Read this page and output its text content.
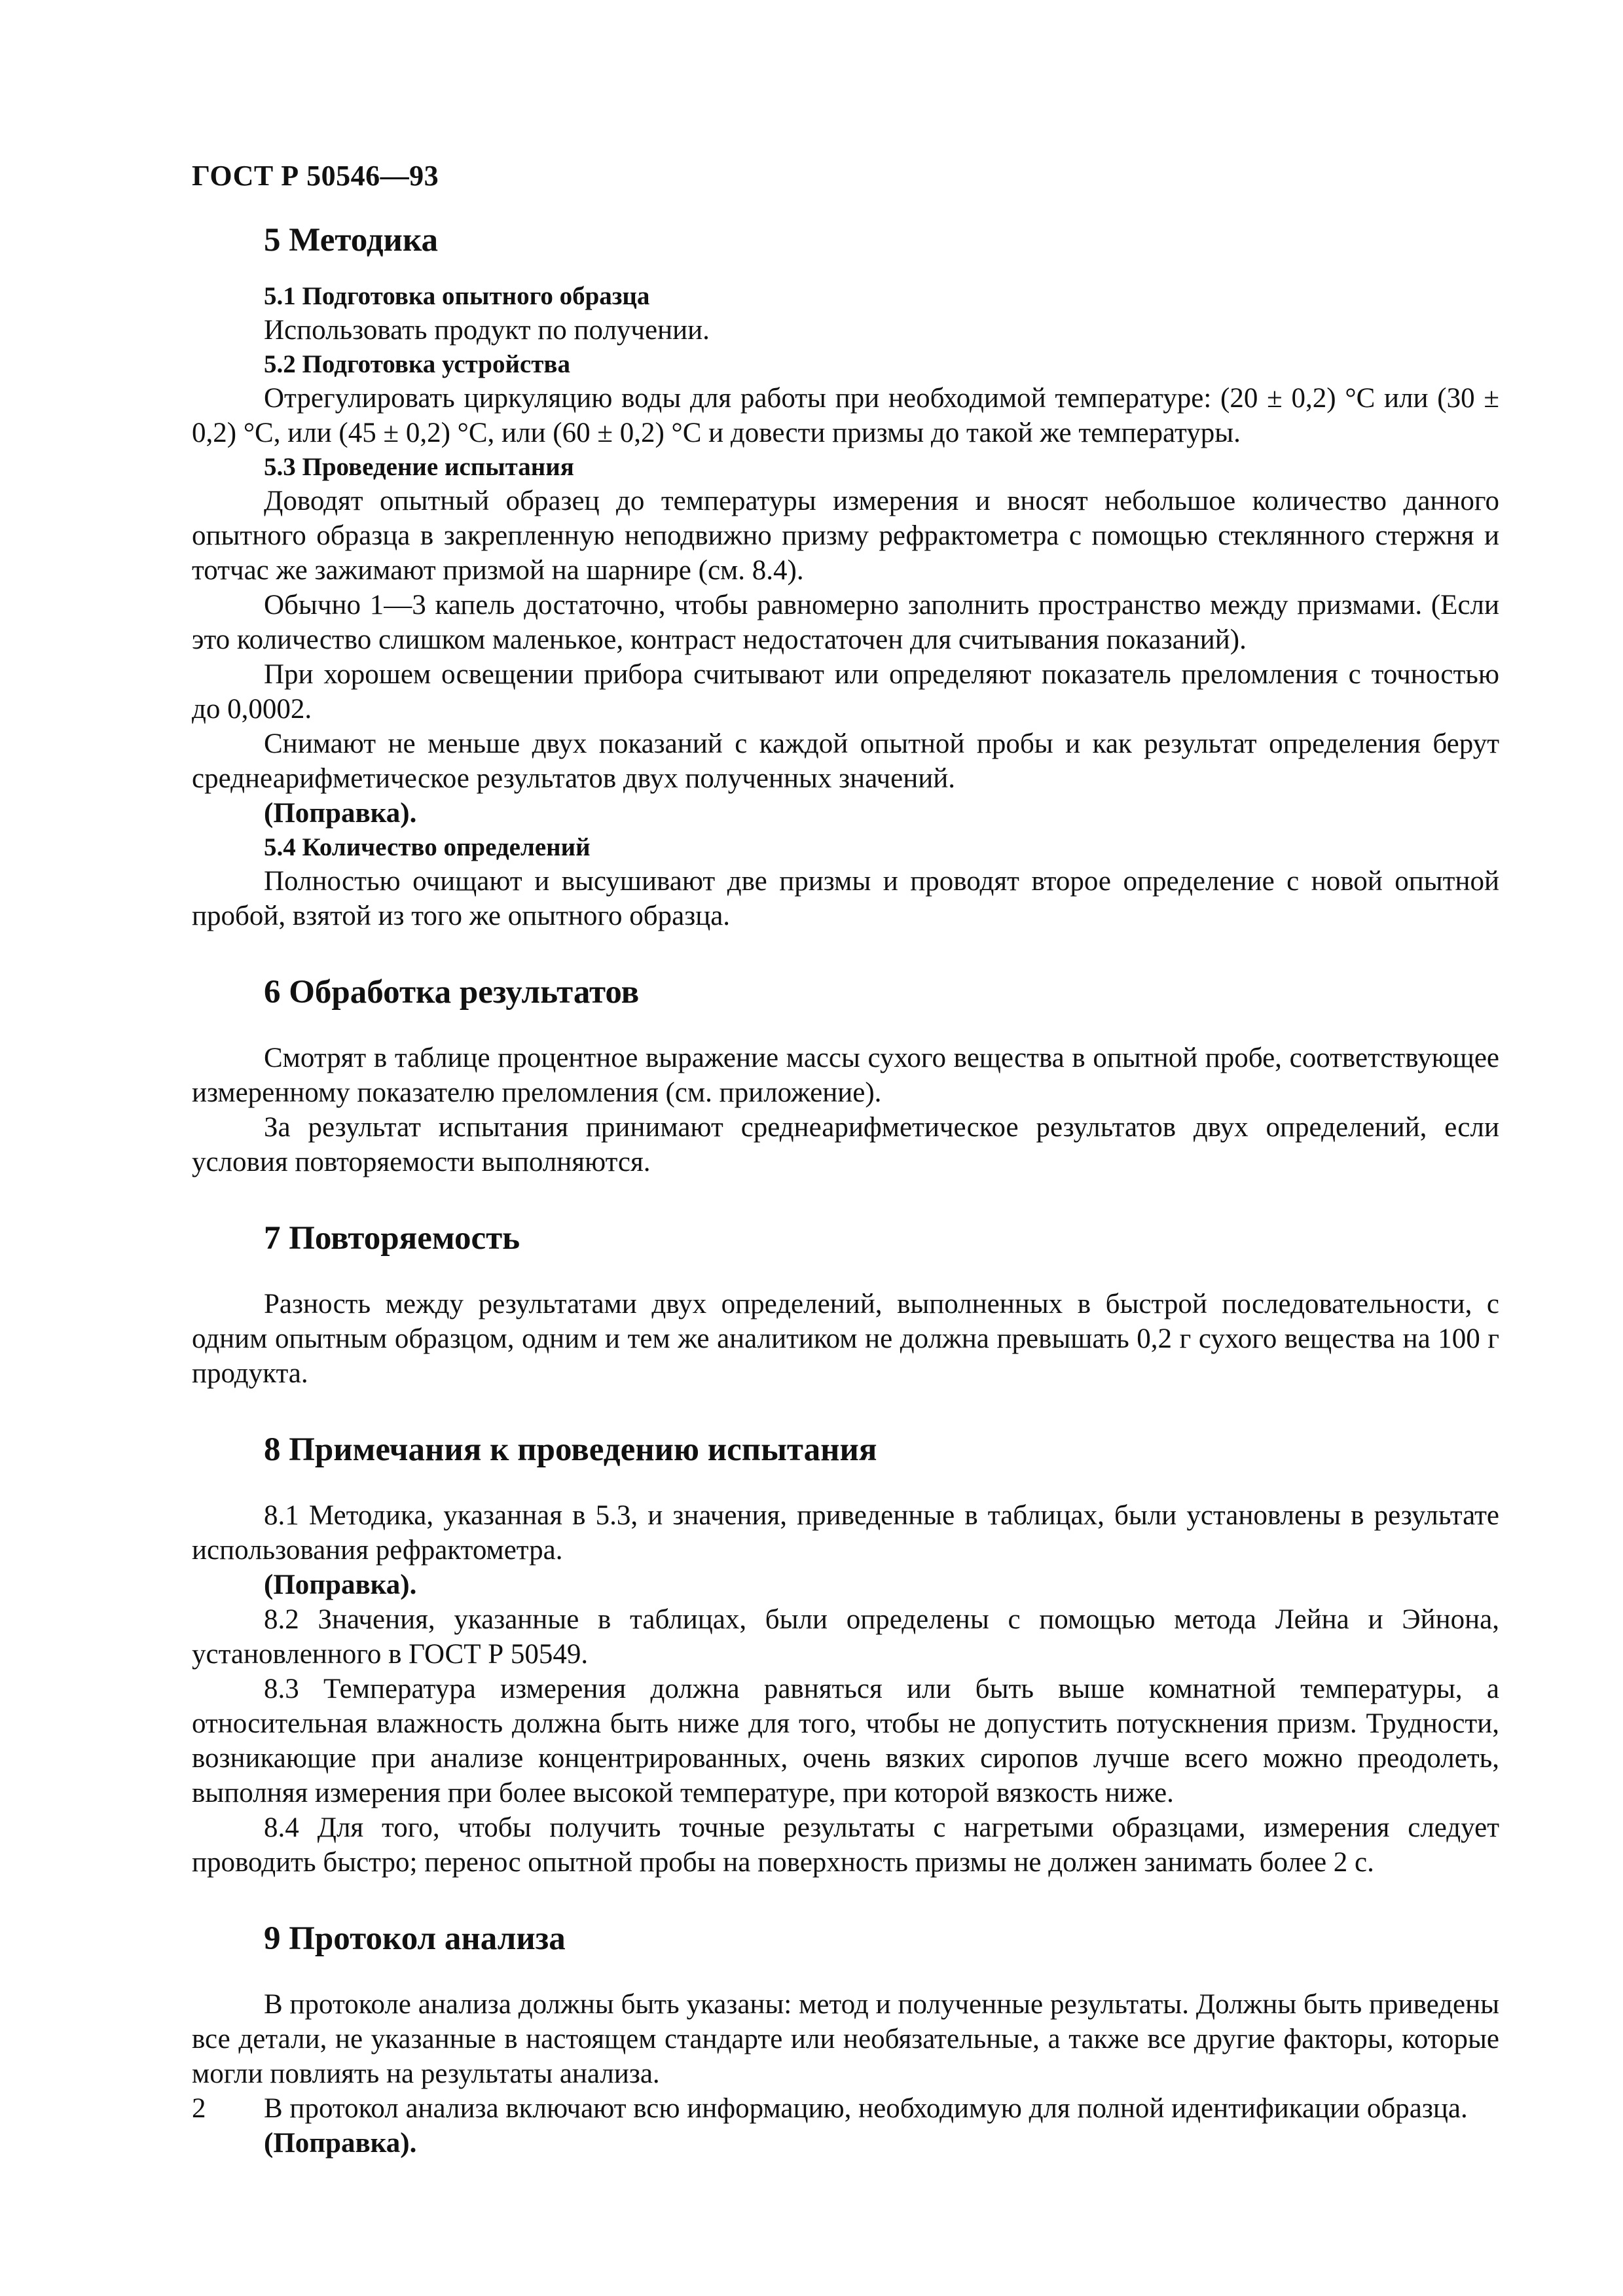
ГОСТ Р 50546—93
5 Методика
5.1 Подготовка опытного образца

Использовать продукт по получении.

5.2 Подготовка устройства

Отрегулировать циркуляцию воды для работы при необходимой температуре: (20 ± 0,2) °С или (30 ± 0,2) °С, или (45 ± 0,2) °С, или (60 ± 0,2) °С и довести призмы до такой же температуры.

5.3 Проведение испытания

Доводят опытный образец до температуры измерения и вносят небольшое количество данного опытного образца в закрепленную неподвижно призму рефрактометра с помощью стеклянного стержня и тотчас же зажимают призмой на шарнире (см. 8.4).

Обычно 1—3 капель достаточно, чтобы равномерно заполнить пространство между призмами. (Если это количество слишком маленькое, контраст недостаточен для считывания показаний).

При хорошем освещении прибора считывают или определяют показатель преломления с точностью до 0,0002.

Снимают не меньше двух показаний с каждой опытной пробы и как результат определения берут среднеарифметическое результатов двух полученных значений.

(Поправка).

5.4 Количество определений

Полностью очищают и высушивают две призмы и проводят второе определение с новой опытной пробой, взятой из того же опытного образца.

6 Обработка результатов

Смотрят в таблице процентное выражение массы сухого вещества в опытной пробе, соответствующее измеренному показателю преломления (см. приложение).

За результат испытания принимают среднеарифметическое результатов двух определений, если условия повторяемости выполняются.

7 Повторяемость

Разность между результатами двух определений, выполненных в быстрой последовательности, с одним опытным образцом, одним и тем же аналитиком не должна превышать 0,2 г сухого вещества на 100 г продукта.

8 Примечания к проведению испытания

8.1 Методика, указанная в 5.3, и значения, приведенные в таблицах, были установлены в результате использования рефрактометра.

(Поправка).

8.2 Значения, указанные в таблицах, были определены с помощью метода Лейна и Эйнона, установленного в ГОСТ Р 50549.

8.3 Температура измерения должна равняться или быть выше комнатной температуры, а относительная влажность должна быть ниже для того, чтобы не допустить потускнения призм. Трудности, возникающие при анализе концентрированных, очень вязких сиропов лучше всего можно преодолеть, выполняя измерения при более высокой температуре, при которой вязкость ниже.

8.4 Для того, чтобы получить точные результаты с нагретыми образцами, измерения следует проводить быстро; перенос опытной пробы на поверхность призмы не должен занимать более 2 с.

9 Протокол анализа

В протоколе анализа должны быть указаны: метод и полученные результаты. Должны быть приведены все детали, не указанные в настоящем стандарте или необязательные, а также все другие факторы, которые могли повлиять на результаты анализа.

В протокол анализа включают всю информацию, необходимую для полной идентификации образца.

(Поправка).

2
